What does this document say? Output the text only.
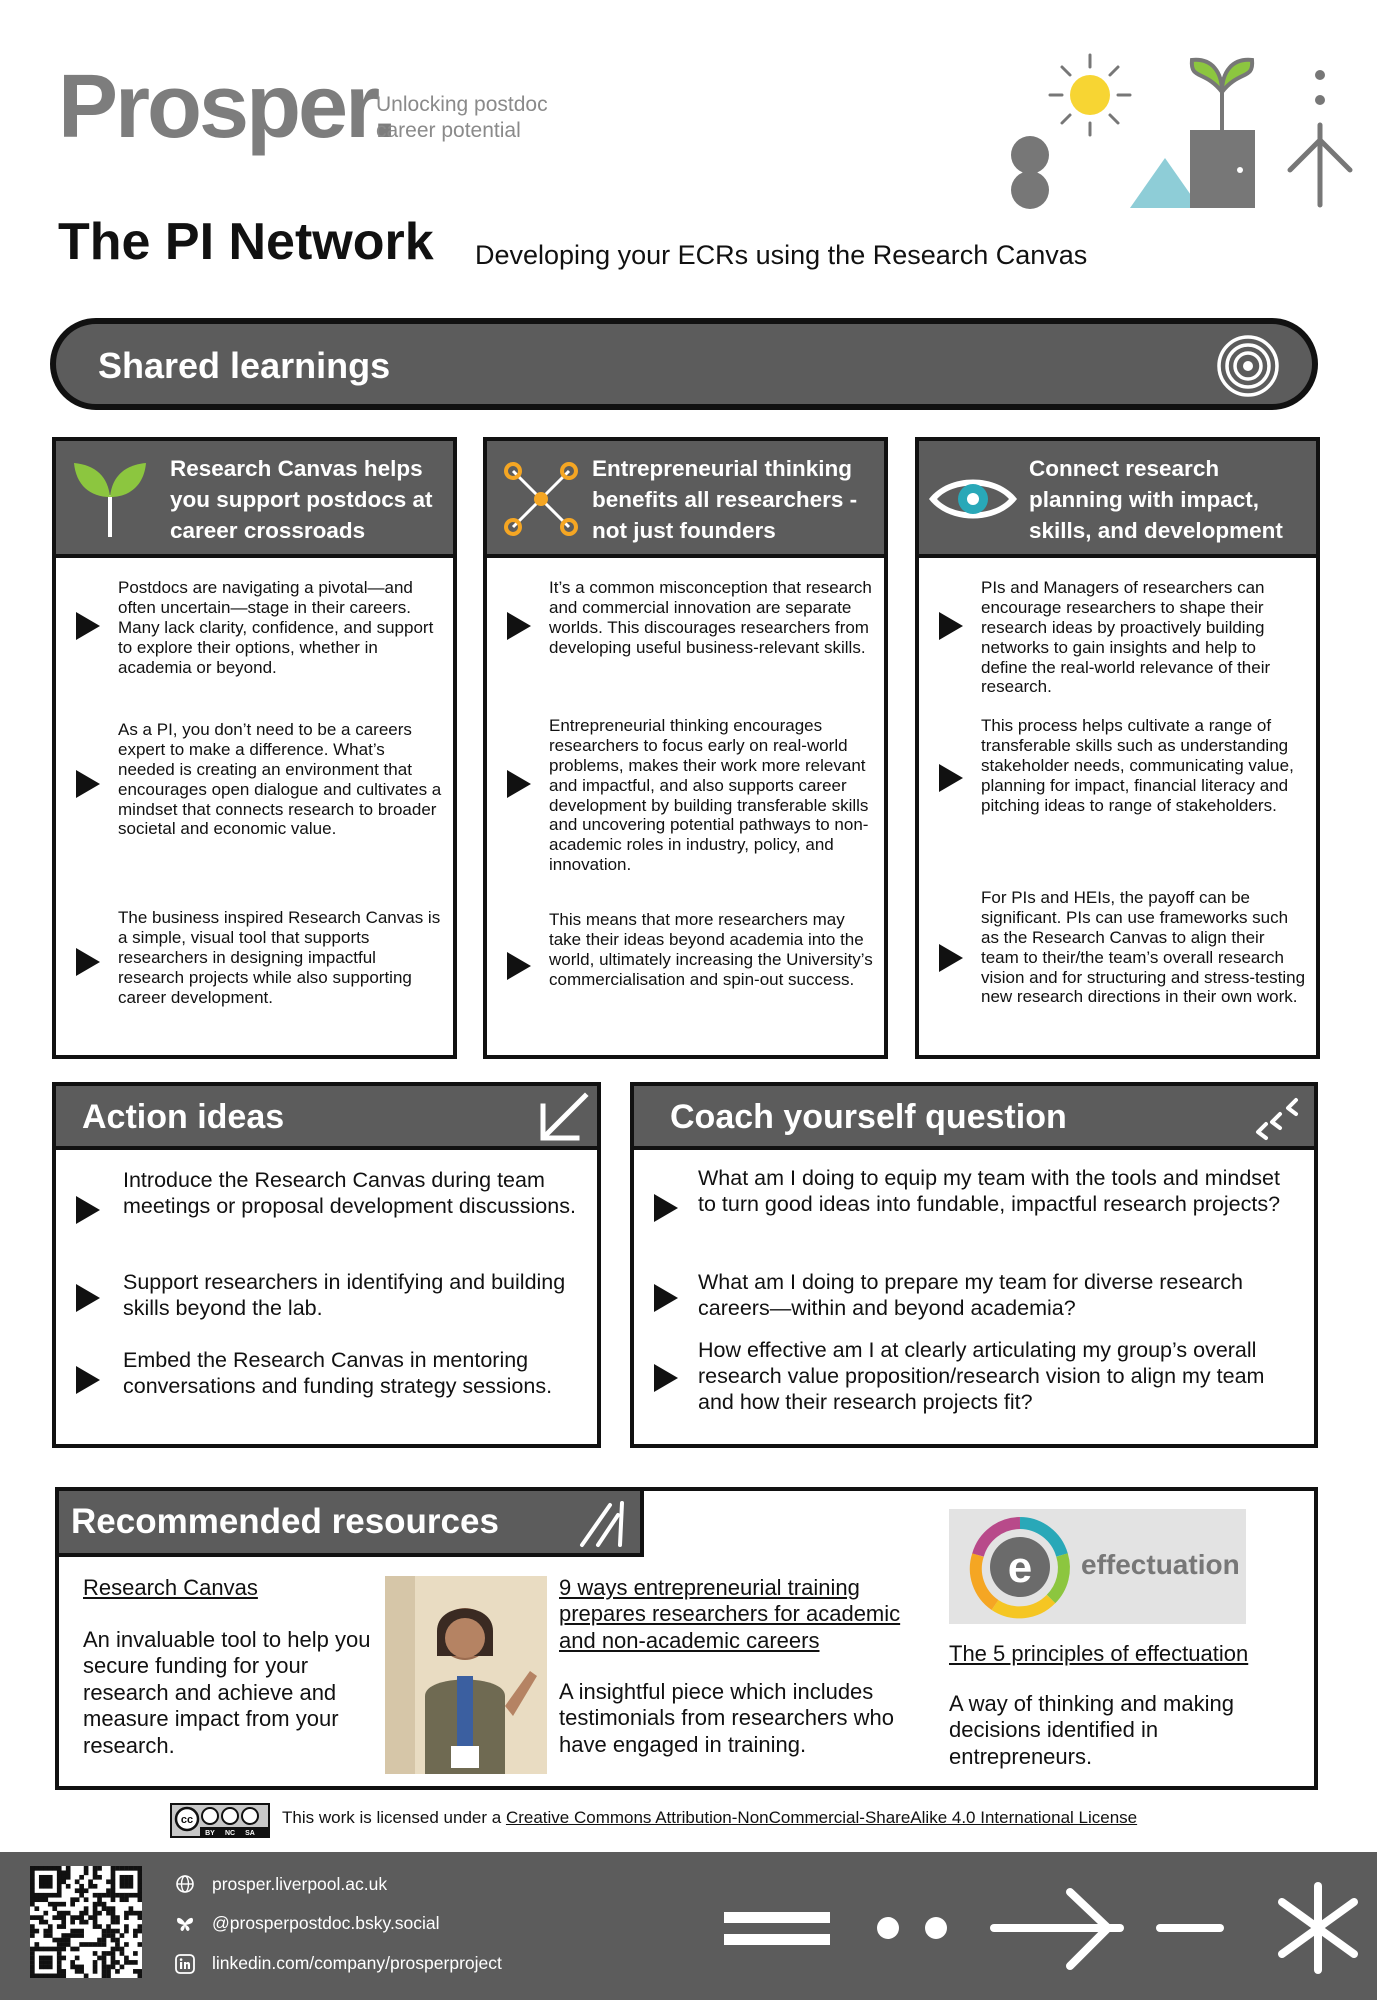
Prosper.
Unlocking postdoc career potential
The PI Network Developing your ECRs using the Research Canvas
Shared learnings
Research Canvas helps you support postdocs at career crossroads
Postdocs are navigating a pivotal—and often uncertain—stage in their careers. Many lack clarity, confidence, and support to explore their options, whether in academia or beyond.
As a PI, you don’t need to be a careers expert to make a difference. What’s needed is creating an environment that encourages open dialogue and cultivates a mindset that connects research to broader societal and economic value.
The business inspired Research Canvas is a simple, visual tool that supports researchers in designing impactful research projects while also supporting career development.
Entrepreneurial thinking benefits all researchers - not just founders
It’s a common misconception that research and commercial innovation are separate worlds. This discourages researchers from developing useful business-relevant skills.
Entrepreneurial thinking encourages researchers to focus early on real-world problems, makes their work more relevant and impactful, and also supports career development by building transferable skills and uncovering potential pathways to non-academic roles in industry, policy, and innovation.
This means that more researchers may take their ideas beyond academia into the world, ultimately increasing the University’s commercialisation and spin-out success.
Connect research planning with impact, skills, and development
PIs and Managers of researchers can encourage researchers to shape their research ideas by proactively building networks to gain insights and help to define the real-world relevance of their research.
This process helps cultivate a range of transferable skills such as understanding stakeholder needs, communicating value, planning for impact, financial literacy and pitching ideas to range of stakeholders.
For PIs and HEIs, the payoff can be significant. PIs can use frameworks such as the Research Canvas to align their team to their/the team’s overall research vision and for structuring and stress-testing new research directions in their own work.
Action ideas
Introduce the Research Canvas during team meetings or proposal development discussions.
Support researchers in identifying and building skills beyond the lab.
Embed the Research Canvas in mentoring conversations and funding strategy sessions.
Coach yourself question
What am I doing to equip my team with the tools and mindset to turn good ideas into fundable, impactful research projects?
What am I doing to prepare my team for diverse research careers—within and beyond academia?
How effective am I at clearly articulating my group’s overall research value proposition/research vision to align my team and how their research projects fit?
Recommended resources
Research Canvas
An invaluable tool to help you secure funding for your research and achieve and measure impact from your research.
9 ways entrepreneurial training prepares researchers for academic and non-academic careers
A insightful piece which includes testimonials from researchers who have engaged in training.
e effectuation
The 5 principles of effectuation
A way of thinking and making decisions identified in entrepreneurs.
cc
BY NC SA
This work is licensed under a Creative Commons Attribution-NonCommercial-ShareAlike 4.0 International License
prosper.liverpool.ac.uk
@prosperpostdoc.bsky.social
linkedin.com/company/prosperproject
